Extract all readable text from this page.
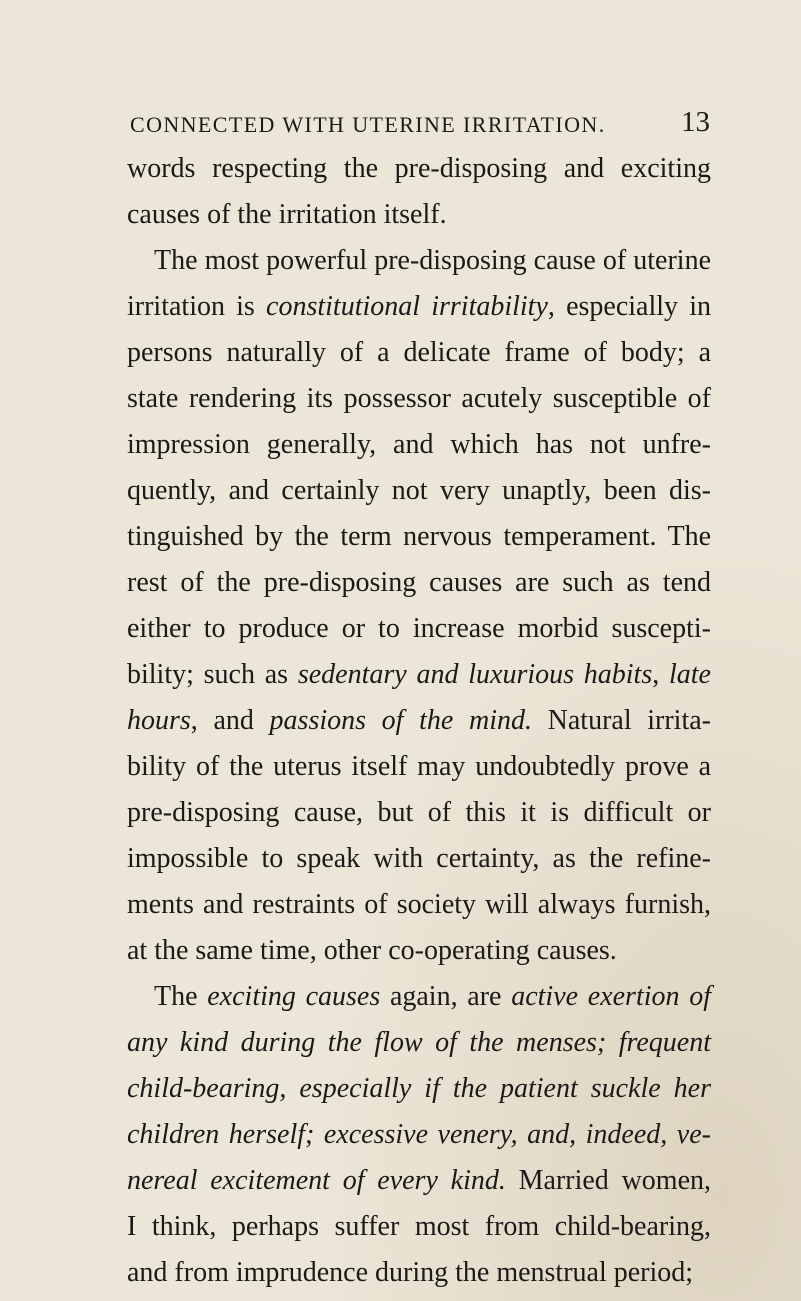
CONNECTED WITH UTERINE IRRITATION.	13
words respecting the pre-disposing and exciting
causes of the irritation itself.
The most powerful pre-disposing cause of uterine
irritation is constitutional irritability, especially in
persons naturally of a delicate frame of body; a
state rendering its possessor acutely susceptible of
impression generally, and which has not unfre-
quently, and certainly not very unaptly, been dis-
tinguished by the term nervous temperament. The
rest of the pre-disposing causes are such as tend
either to produce or to increase morbid suscepti-
bility; such as sedentary and luxurious habits, late
hours, and passions of the mind. Natural irrita-
bility of the uterus itself may undoubtedly prove a
pre-disposing cause, but of this it is difficult or
impossible to speak with certainty, as the refine-
ments and restraints of society will always furnish,
at the same time, other co-operating causes.
The exciting causes again, are active exertion of
any kind during the flow of the menses; frequent
child-bearing, especially if the patient suckle her
children herself; excessive venery, and, indeed, ve-
nereal excitement of every kind. Married women,
I think, perhaps suffer most from child-bearing,
and from imprudence during the menstrual period;
